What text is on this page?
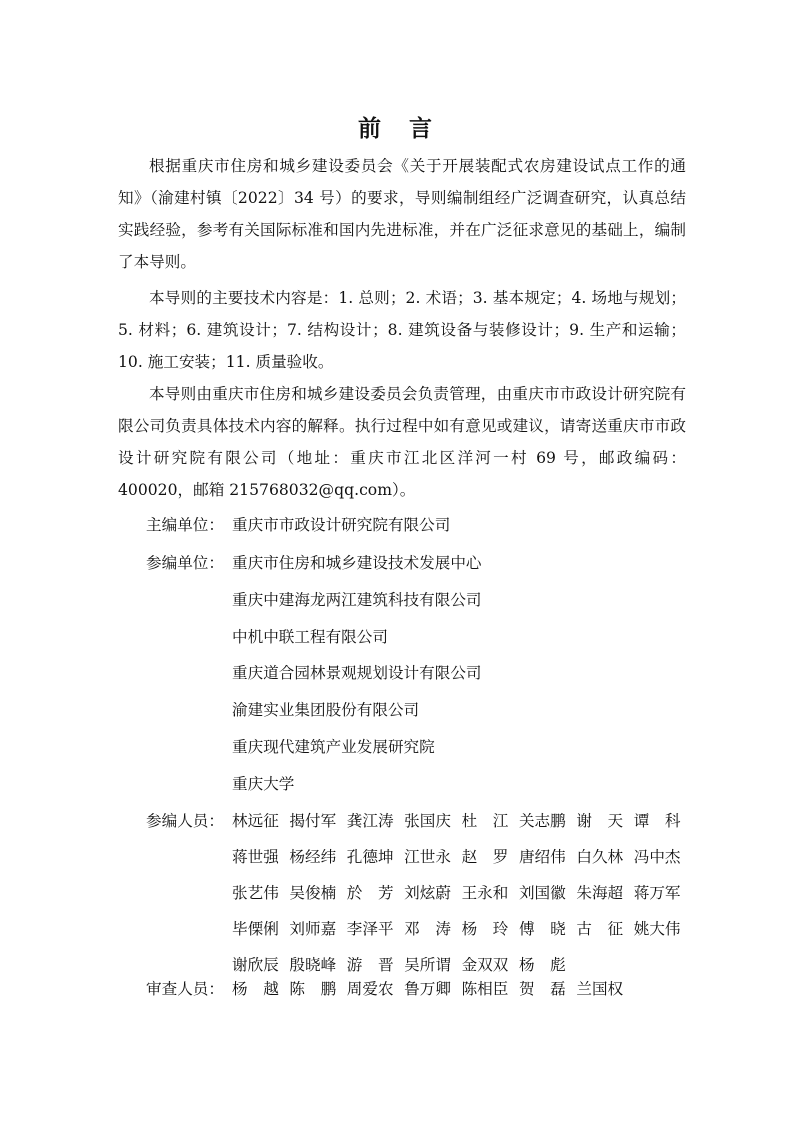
前 言

根据重庆市住房和城乡建设委员会《关于开展装配式农房建设试点工作的通知》（渝建村镇〔2022〕34 号）的要求，导则编制组经广泛调查研究，认真总结实践经验，参考有关国际标准和国内先进标准，并在广泛征求意见的基础上，编制了本导则。

本导则的主要技术内容是：1. 总则；2. 术语；3. 基本规定；4. 场地与规划；5. 材料；6. 建筑设计；7. 结构设计；8. 建筑设备与装修设计；9. 生产和运输；10. 施工安装；11. 质量验收。

本导则由重庆市住房和城乡建设委员会负责管理，由重庆市市政设计研究院有限公司负责具体技术内容的解释。执行过程中如有意见或建议，请寄送重庆市市政设计研究院有限公司（地址：重庆市江北区洋河一村 69 号，邮政编码：400020，邮箱 215768032@qq.com）。

主编单位： 重庆市市政设计研究院有限公司
参编单位： 重庆市住房和城乡建设技术发展中心
重庆中建海龙两江建筑科技有限公司
中机中联工程有限公司
重庆道合园林景观规划设计有限公司
渝建实业集团股份有限公司
重庆现代建筑产业发展研究院
重庆大学
参编人员： 林远征 揭付军 龚江涛 张国庆 杜　江 关志鹏 谢　天 谭　科
蒋世强 杨经纬 孔德坤 江世永 赵　罗 唐绍伟 白久林 冯中杰
张艺伟 吴俊楠 於　芳 刘炫蔚 王永和 刘国徽 朱海超 蒋万军
毕傈俐 刘师嘉 李泽平 邓　涛 杨　玲 傅　晓 古　征 姚大伟
谢欣辰 殷晓峰 游　晋 吴所谓 金双双 杨　彪
审查人员： 杨　越 陈　鹏 周爱农 鲁万卿 陈相臣 贺　磊 兰国权
